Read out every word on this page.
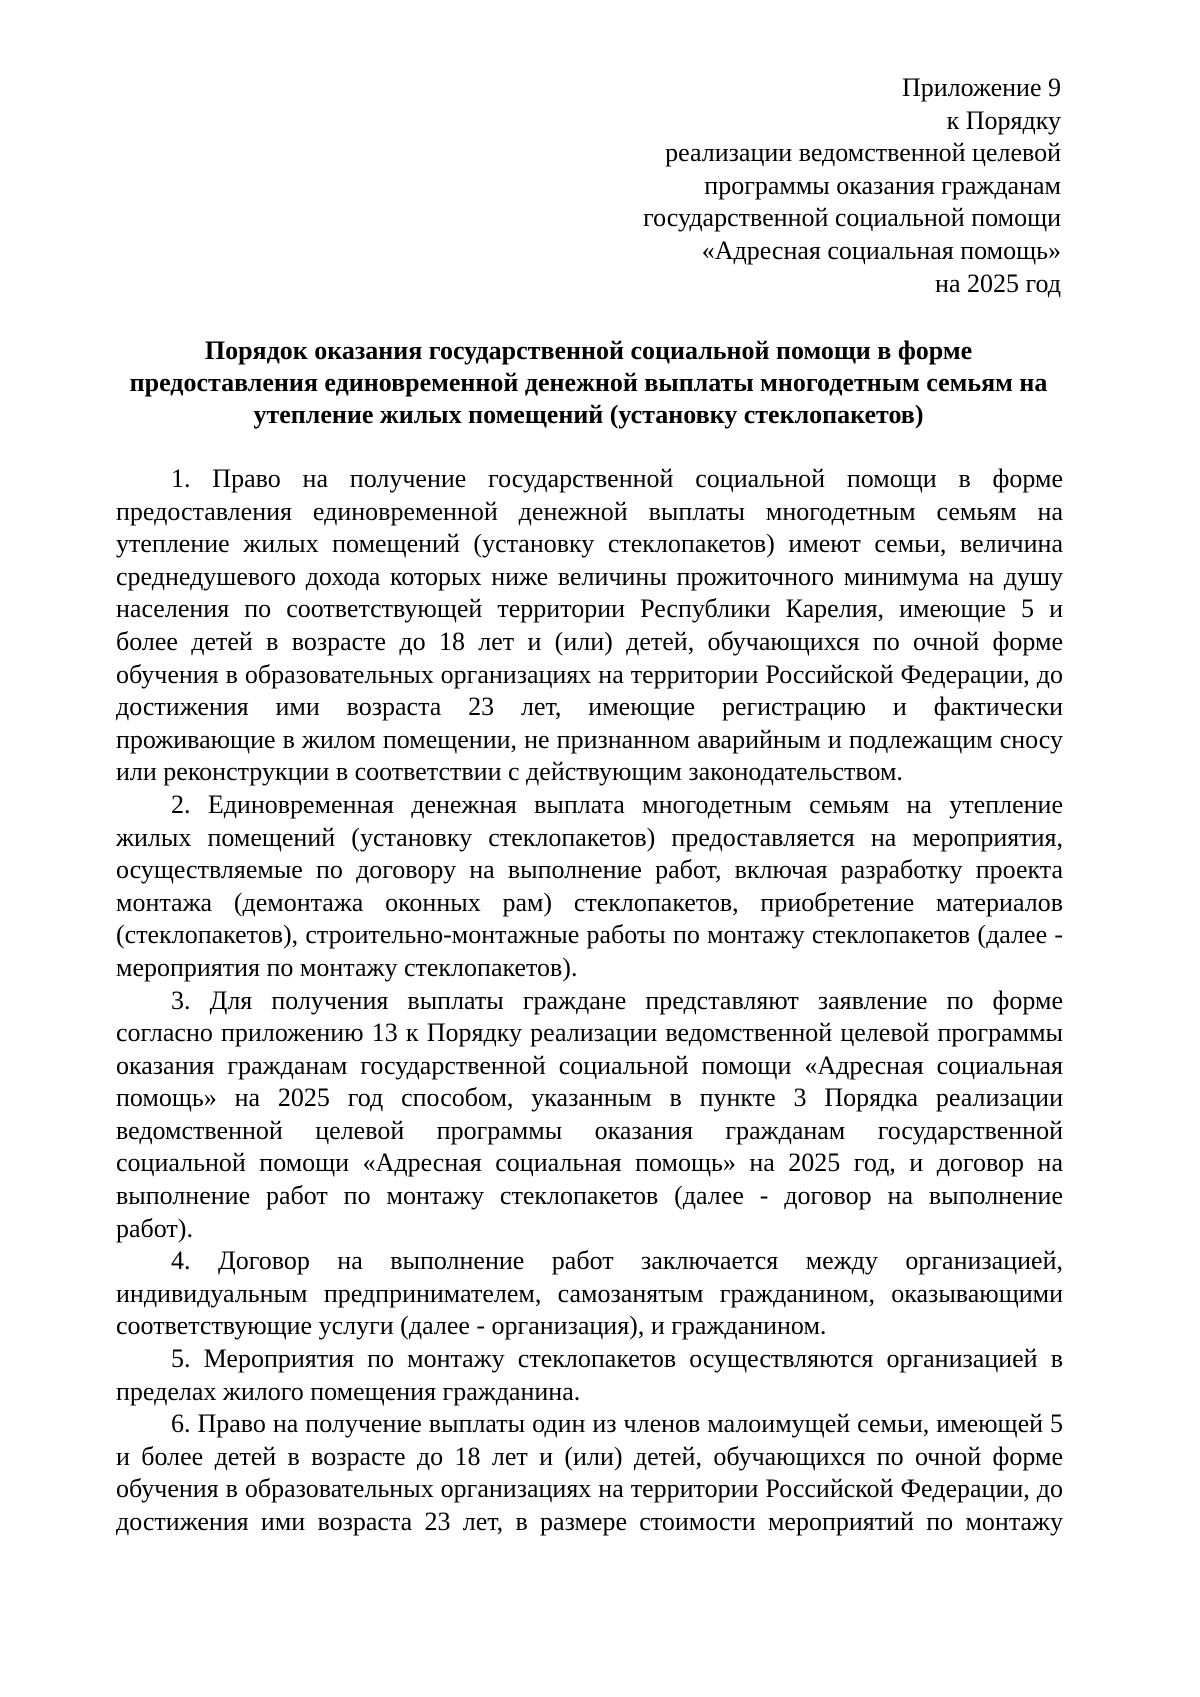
Приложение 9
к Порядку
реализации ведомственной целевой
программы оказания гражданам
государственной социальной помощи
«Адресная социальная помощь»
на 2025 год
Порядок оказания государственной социальной помощи в форме
предоставления единовременной денежной выплаты многодетным семьям на
утепление жилых помещений (установку стеклопакетов)
1. Право на получение государственной социальной помощи в форме
предоставления единовременной денежной выплаты многодетным семьям на
утепление жилых помещений (установку стеклопакетов) имеют семьи, величина
среднедушевого дохода которых ниже величины прожиточного минимума на душу
населения по соответствующей территории Республики Карелия, имеющие 5 и
более детей в возрасте до 18 лет и (или) детей, обучающихся по очной форме
обучения в образовательных организациях на территории Российской Федерации, до
достижения ими возраста 23 лет, имеющие регистрацию и фактически
проживающие в жилом помещении, не признанном аварийным и подлежащим сносу
или реконструкции в соответствии с действующим законодательством.
2. Единовременная денежная выплата многодетным семьям на утепление
жилых помещений (установку стеклопакетов) предоставляется на мероприятия,
осуществляемые по договору на выполнение работ, включая разработку проекта
монтажа (демонтажа оконных рам) стеклопакетов, приобретение материалов
(стеклопакетов), строительно-монтажные работы по монтажу стеклопакетов (далее -
мероприятия по монтажу стеклопакетов).
3. Для получения выплаты граждане представляют заявление по форме
согласно приложению 13 к Порядку реализации ведомственной целевой программы
оказания гражданам государственной социальной помощи «Адресная социальная
помощь» на 2025 год способом, указанным в пункте 3 Порядка реализации
ведомственной целевой программы оказания гражданам государственной
социальной помощи «Адресная социальная помощь» на 2025 год, и договор на
выполнение работ по монтажу стеклопакетов (далее - договор на выполнение
работ).
4. Договор на выполнение работ заключается между организацией,
индивидуальным предпринимателем, самозанятым гражданином, оказывающими
соответствующие услуги (далее - организация), и гражданином.
5. Мероприятия по монтажу стеклопакетов осуществляются организацией в
пределах жилого помещения гражданина.
6. Право на получение выплаты один из членов малоимущей семьи, имеющей 5
и более детей в возрасте до 18 лет и (или) детей, обучающихся по очной форме
обучения в образовательных организациях на территории Российской Федерации, до
достижения ими возраста 23 лет, в размере стоимости мероприятий по монтажу
